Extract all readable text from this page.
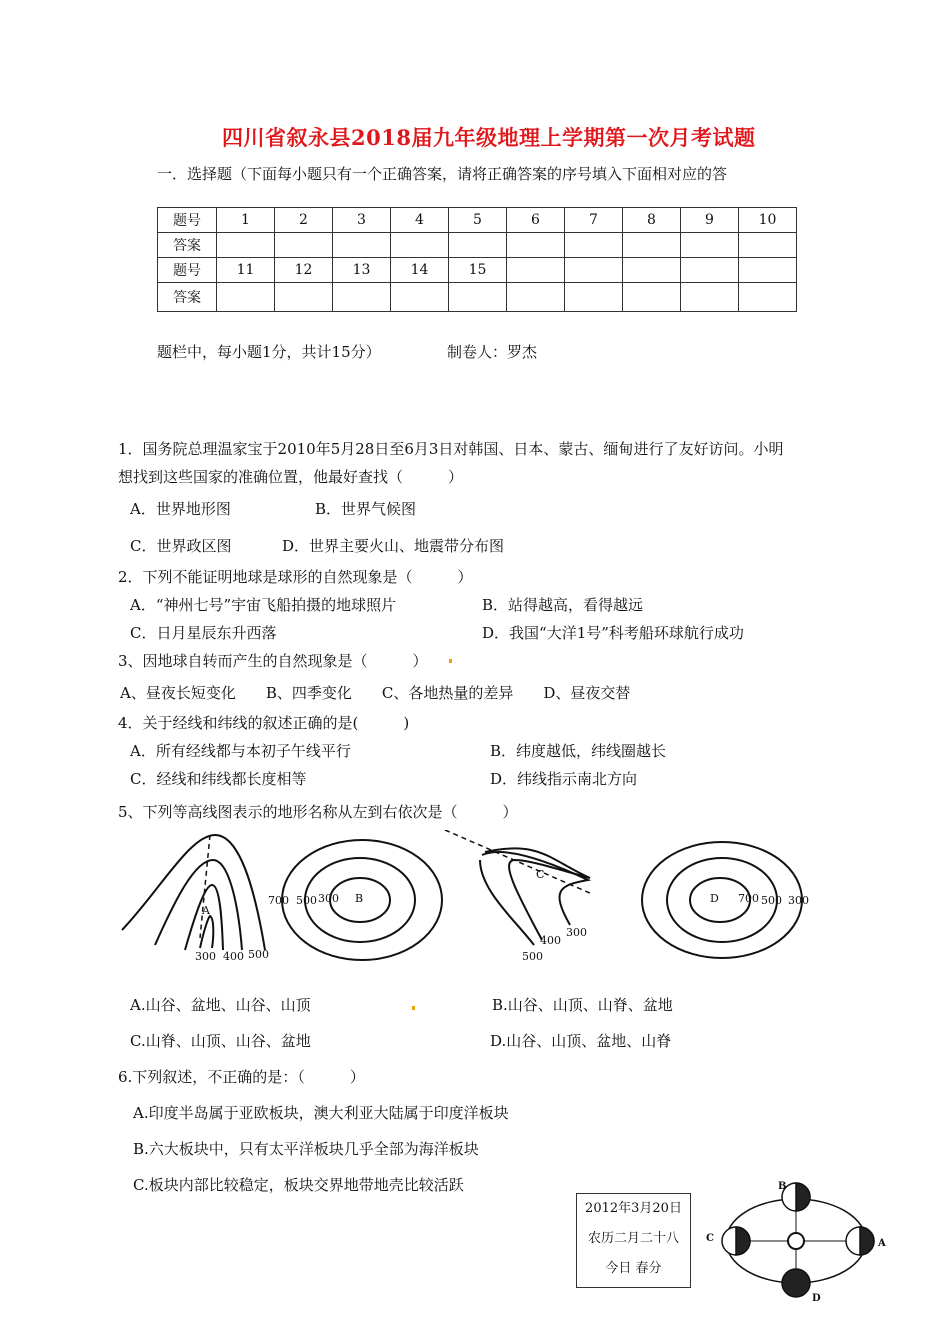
四川省叙永县2018届九年级地理上学期第一次月考试题
一．选择题（下面每小题只有一个正确答案，请将正确答案的序号填入下面相对应的答
题号	1	2	3	4	5	6	7	8	9	10
答案										
题号	11	12	13	14	15					
答案										
题栏中，每小题1分，共计15分）	制卷人：罗杰
1．国务院总理温家宝于2010年5月28日至6月3日对韩国、日本、蒙古、缅甸进行了友好访问。小明
想找到这些国家的准确位置，他最好查找（　　　）
A．世界地形图	B．世界气候图
C．世界政区图	D．世界主要火山、地震带分布图
2．下列不能证明地球是球形的自然现象是（　　　）
A．“神州七号”宇宙飞船拍摄的地球照片	B．站得越高，看得越远
C．日月星辰东升西落	D．我国“大洋1号”科考船环球航行成功
3、因地球自转而产生的自然现象是（　　　）
A、昼夜长短变化　　B、四季变化　　C、各地热量的差异　　D、昼夜交替
4．关于经线和纬线的叙述正确的是(　　　)
A．所有经线都与本初子午线平行	B．纬度越低，纬线圈越长
C．经线和纬线都长度相等	D．纬线指示南北方向
5、下列等高线图表示的地形名称从左到右依次是（　　　）
A
300 400 500
700 500 300 B
C
300
400
500
D 700 500 300
A.山谷、盆地、山谷、山顶	B.山谷、山顶、山脊、盆地
C.山脊、山顶、山谷、盆地	D.山谷、山顶、盆地、山脊
6.下列叙述，不正确的是：（　　　）
A.印度半岛属于亚欧板块，澳大利亚大陆属于印度洋板块
B.六大板块中，只有太平洋板块几乎全部为海洋板块
C.板块内部比较稳定，板块交界地带地壳比较活跃
2012年3月20日
农历二月二十八
今日 春分
A
B
C
D
